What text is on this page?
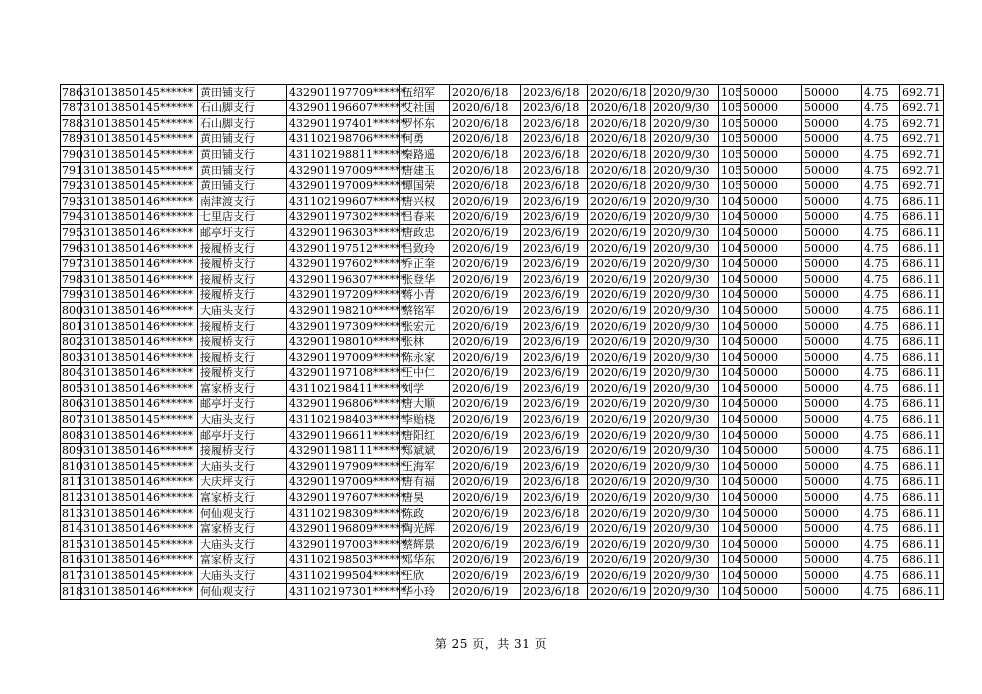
786	31013850145******	黄田铺支行	432901197709******	伍绍军	2020/6/18	2023/6/18	2020/6/18	2020/9/30	105	50000	50000	4.75	692.71
787	31013850145******	石山脚支行	432901196607******	艾社国	2020/6/18	2023/6/18	2020/6/18	2020/9/30	105	50000	50000	4.75	692.71
788	31013850145******	石山脚支行	432901197401******	罗怀东	2020/6/18	2023/6/18	2020/6/18	2020/9/30	105	50000	50000	4.75	692.71
789	31013850145******	黄田铺支行	431102198706******	何勇	2020/6/18	2023/6/18	2020/6/18	2020/9/30	105	50000	50000	4.75	692.71
790	31013850145******	黄田铺支行	431102198811******	秦路遥	2020/6/18	2023/6/18	2020/6/18	2020/9/30	105	50000	50000	4.75	692.71
791	31013850145******	黄田铺支行	432901197009******	唐建玉	2020/6/18	2023/6/18	2020/6/18	2020/9/30	105	50000	50000	4.75	692.71
792	31013850145******	黄田铺支行	432901197009******	谭国荣	2020/6/18	2023/6/18	2020/6/18	2020/9/30	105	50000	50000	4.75	692.71
793	31013850146******	南津渡支行	431102199607******	唐兴权	2020/6/19	2023/6/19	2020/6/19	2020/9/30	104	50000	50000	4.75	686.11
794	31013850146******	七里店支行	432901197302******	吕春来	2020/6/19	2023/6/19	2020/6/19	2020/9/30	104	50000	50000	4.75	686.11
795	31013850146******	邮亭圩支行	432901196303******	唐政忠	2020/6/19	2023/6/19	2020/6/19	2020/9/30	104	50000	50000	4.75	686.11
796	31013850146******	接履桥支行	432901197512******	吕致玲	2020/6/19	2023/6/19	2020/6/19	2020/9/30	104	50000	50000	4.75	686.11
797	31013850146******	接履桥支行	432901197602******	乔正奎	2020/6/19	2023/6/19	2020/6/19	2020/9/30	104	50000	50000	4.75	686.11
798	31013850146******	接履桥支行	432901196307******	张登华	2020/6/19	2023/6/19	2020/6/19	2020/9/30	104	50000	50000	4.75	686.11
799	31013850146******	接履桥支行	432901197209******	蒋小青	2020/6/19	2023/6/19	2020/6/19	2020/9/30	104	50000	50000	4.75	686.11
800	31013850146******	大庙头支行	432901198210******	蔡铭军	2020/6/19	2023/6/19	2020/6/19	2020/9/30	104	50000	50000	4.75	686.11
801	31013850146******	接履桥支行	432901197309******	张宏元	2020/6/19	2023/6/19	2020/6/19	2020/9/30	104	50000	50000	4.75	686.11
802	31013850146******	接履桥支行	432901198010******	张林	2020/6/19	2023/6/19	2020/6/19	2020/9/30	104	50000	50000	4.75	686.11
803	31013850146******	接履桥支行	432901197009******	陈永家	2020/6/19	2023/6/19	2020/6/19	2020/9/30	104	50000	50000	4.75	686.11
804	31013850146******	接履桥支行	432901197108******	王中仁	2020/6/19	2023/6/19	2020/6/19	2020/9/30	104	50000	50000	4.75	686.11
805	31013850146******	富家桥支行	431102198411******	刘学	2020/6/19	2023/6/19	2020/6/19	2020/9/30	104	50000	50000	4.75	686.11
806	31013850146******	邮亭圩支行	432901196806******	唐大顺	2020/6/19	2023/6/19	2020/6/19	2020/9/30	104	50000	50000	4.75	686.11
807	31013850145******	大庙头支行	431102198403******	李贻桡	2020/6/19	2023/6/19	2020/6/19	2020/9/30	104	50000	50000	4.75	686.11
808	31013850146******	邮亭圩支行	432901196611******	唐阳红	2020/6/19	2023/6/19	2020/6/19	2020/9/30	104	50000	50000	4.75	686.11
809	31013850146******	接履桥支行	432901198111******	郑斌斌	2020/6/19	2023/6/19	2020/6/19	2020/9/30	104	50000	50000	4.75	686.11
810	31013850145******	大庙头支行	432901197909******	王海军	2020/6/19	2023/6/19	2020/6/19	2020/9/30	104	50000	50000	4.75	686.11
811	31013850146******	大庆坪支行	432901197009******	唐有福	2020/6/19	2023/6/18	2020/6/19	2020/9/30	104	50000	50000	4.75	686.11
812	31013850146******	富家桥支行	432901197607******	唐昊	2020/6/19	2023/6/19	2020/6/19	2020/9/30	104	50000	50000	4.75	686.11
813	31013850146******	何仙观支行	431102198309******	陈政	2020/6/19	2023/6/18	2020/6/19	2020/9/30	104	50000	50000	4.75	686.11
814	31013850146******	富家桥支行	432901196809******	陶光辉	2020/6/19	2023/6/19	2020/6/19	2020/9/30	104	50000	50000	4.75	686.11
815	31013850145******	大庙头支行	432901197003******	蔡辉景	2020/6/19	2023/6/19	2020/6/19	2020/9/30	104	50000	50000	4.75	686.11
816	31013850146******	富家桥支行	431102198503******	邓华东	2020/6/19	2023/6/19	2020/6/19	2020/9/30	104	50000	50000	4.75	686.11
817	31013850145******	大庙头支行	431102199504******	王欣	2020/6/19	2023/6/19	2020/6/19	2020/9/30	104	50000	50000	4.75	686.11
818	31013850146******	何仙观支行	431102197301******	华小玲	2020/6/19	2023/6/18	2020/6/19	2020/9/30	104	50000	50000	4.75	686.11
第 25 页，共 31 页
